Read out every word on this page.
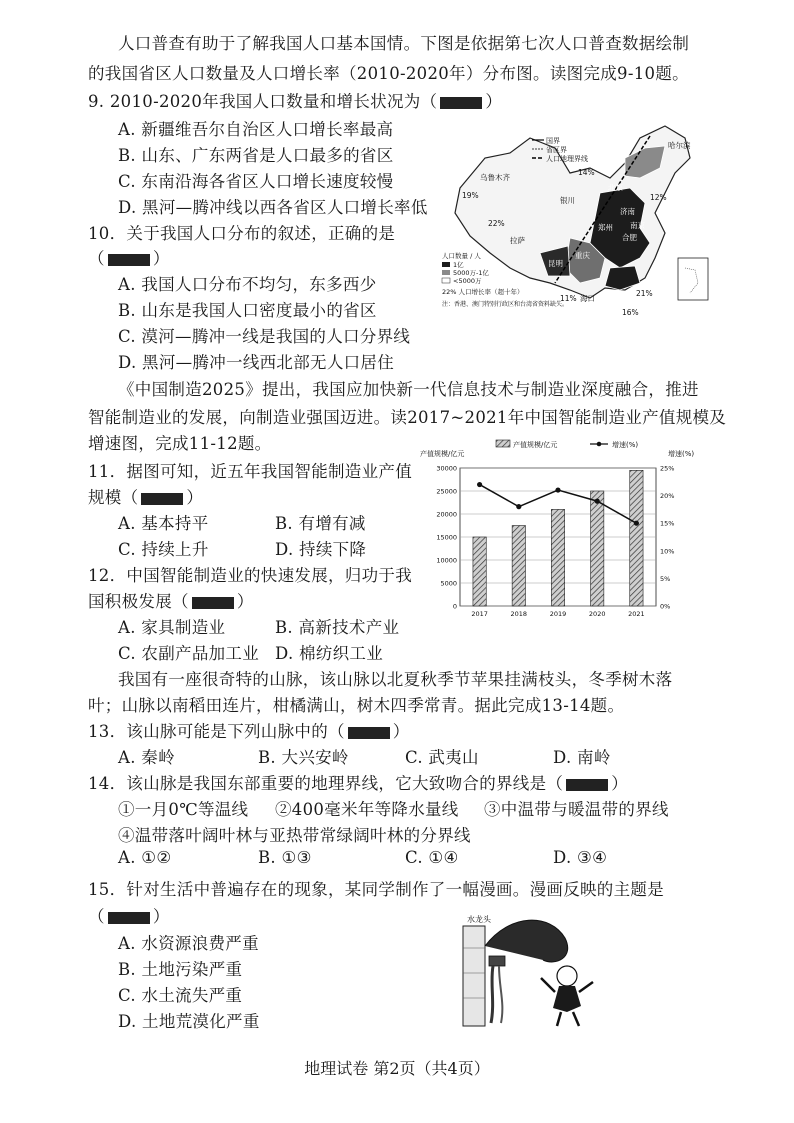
人口普查有助于了解我国人口基本国情。下图是依据第七次人口普查数据绘制
的我国省区人口数量及人口增长率（2010-2020年）分布图。读图完成9-10题。
9. 2010-2020年我国人口数量和增长状况为（	）
A. 新疆维吾尔自治区人口增长率最高
B. 山东、广东两省是人口最多的省区
C. 东南沿海各省区人口增长速度较慢
D. 黑河—腾冲线以西各省区人口增长率低
10．关于我国人口分布的叙述，正确的是
（	）
A. 我国人口分布不均匀，东多西少
B. 山东是我国人口密度最小的省区
C. 漠河—腾冲一线是我国的人口分界线
D. 黑河—腾冲一线西北部无人口居住
国界
省区界
人口地理界线
14%
19%
22%
乌鲁木齐
拉萨
银川
北京
济南
12%
郑州
合肥
南京
昆明
重庆
21%
11% 海口
16%
哈尔滨
人口数量 / 人
1亿
5000万-1亿
<5000万
22% 人口增长率（超十年）
注：香港、澳门特别行政区和台湾省资料缺失。
《中国制造2025》提出，我国应加快新一代信息技术与制造业深度融合，推进
智能制造业的发展，向制造业强国迈进。读2017~2021年中国智能制造业产值规模及
增速图，完成11-12题。
11．据图可知，近五年我国智能制造业产值
规模（	）
A. 基本持平	B. 有增有减
C. 持续上升	D. 持续下降
12．中国智能制造业的快速发展，归功于我
国积极发展（	）
A. 家具制造业	B. 高新技术产业
C. 农副产品加工业 D. 棉纺织工业
产值规模/亿元	增速(%)
产值规模/亿元	增速(%)
0
5000
10000
15000
20000
25000
30000
0%
5%
10%
15%
20%
25%
2017	2018	2019	2020	2021
我国有一座很奇特的山脉，该山脉以北夏秋季节苹果挂满枝头，冬季树木落
叶；山脉以南稻田连片，柑橘满山，树木四季常青。据此完成13-14题。
13．该山脉可能是下列山脉中的（	）
A. 秦岭	B. 大兴安岭	C. 武夷山	D. 南岭
14．该山脉是我国东部重要的地理界线，它大致吻合的界线是（	）
①一月0℃等温线 ②400毫米年等降水量线 ③中温带与暖温带的界线
④温带落叶阔叶林与亚热带常绿阔叶林的分界线
A. ①②	B. ①③	C. ①④	D. ③④
15．针对生活中普遍存在的现象，某同学制作了一幅漫画。漫画反映的主题是
（	）
A. 水资源浪费严重
B. 土地污染严重
C. 水土流失严重
D. 土地荒漠化严重
水龙头
地理试卷 第2页（共4页）
